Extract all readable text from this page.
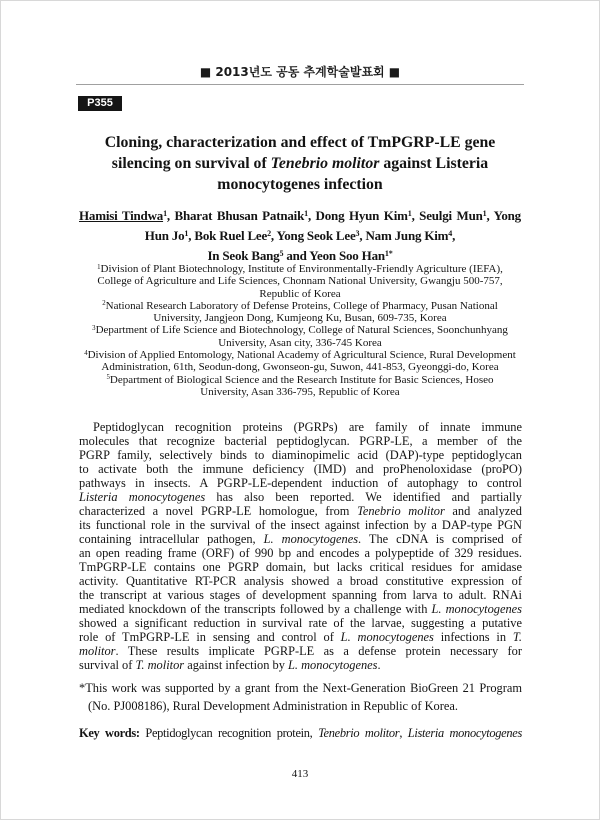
■ 2013년도 공동 추계학술발표회 ■
P355
Cloning, characterization and effect of TmPGRP-LE gene
silencing on survival of Tenebrio molitor against Listeria
monocytogenes infection
Hamisi Tindwa$^1$, Bharat Bhusan Patnaik$^1$, Dong Hyun Kim$^1$, Seulgi Mun$^1$, Yong
Hun Jo$^1$, Bok Ruel Lee$^2$, Yong Seok Lee$^3$, Nam Jung Kim$^4$,
In Seok Bang$^5$ and Yeon Soo Han$^{1*}$
$^1$Division of Plant Biotechnology, Institute of Environmentally-Friendly Agriculture (IEFA),
College of Agriculture and Life Sciences, Chonnam National University, Gwangju 500-757,
Republic of Korea
$^2$National Research Laboratory of Defense Proteins, College of Pharmacy, Pusan National
University, Jangjeon Dong, Kumjeong Ku, Busan, 609-735, Korea
$^3$Department of Life Science and Biotechnology, College of Natural Sciences, Soonchunhyang
University, Asan city, 336-745 Korea
$^4$Division of Applied Entomology, National Academy of Agricultural Science, Rural Development
Administration, 61th, Seodun-dong, Gwonseon-gu, Suwon, 441-853, Gyeonggi-do, Korea
$^5$Department of Biological Science and the Research Institute for Basic Sciences, Hoseo
University, Asan 336-795, Republic of Korea
Peptidoglycan recognition proteins (PGRPs) are family of innate immune
molecules that recognize bacterial peptidoglycan. PGRP-LE, a member of the
PGRP family, selectively binds to diaminopimelic acid (DAP)-type peptidoglycan
to activate both the immune deficiency (IMD) and proPhenoloxidase (proPO)
pathways in insects. A PGRP-LE-dependent induction of autophagy to control
Listeria monocytogenes has also been reported. We identified and partially
characterized a novel PGRP-LE homologue, from Tenebrio molitor and analyzed
its functional role in the survival of the insect against infection by a DAP-type PGN
containing intracellular pathogen, L. monocytogenes. The cDNA is comprised of
an open reading frame (ORF) of 990 bp and encodes a polypeptide of 329 residues.
TmPGRP-LE contains one PGRP domain, but lacks critical residues for amidase
activity. Quantitative RT-PCR analysis showed a broad constitutive expression of
the transcript at various stages of development spanning from larva to adult. RNAi
mediated knockdown of the transcripts followed by a challenge with L. monocytogenes
showed a significant reduction in survival rate of the larvae, suggesting a putative
role of TmPGRP-LE in sensing and control of L. monocytogenes infections in T.
molitor. These results implicate PGRP-LE as a defense protein necessary for
survival of T. molitor against infection by L. monocytogenes.
*This work was supported by a grant from the Next-Generation BioGreen 21 Program
(No. PJ008186), Rural Development Administration in Republic of Korea.
Key words: Peptidoglycan recognition protein, Tenebrio molitor, Listeria monocytogenes
413
